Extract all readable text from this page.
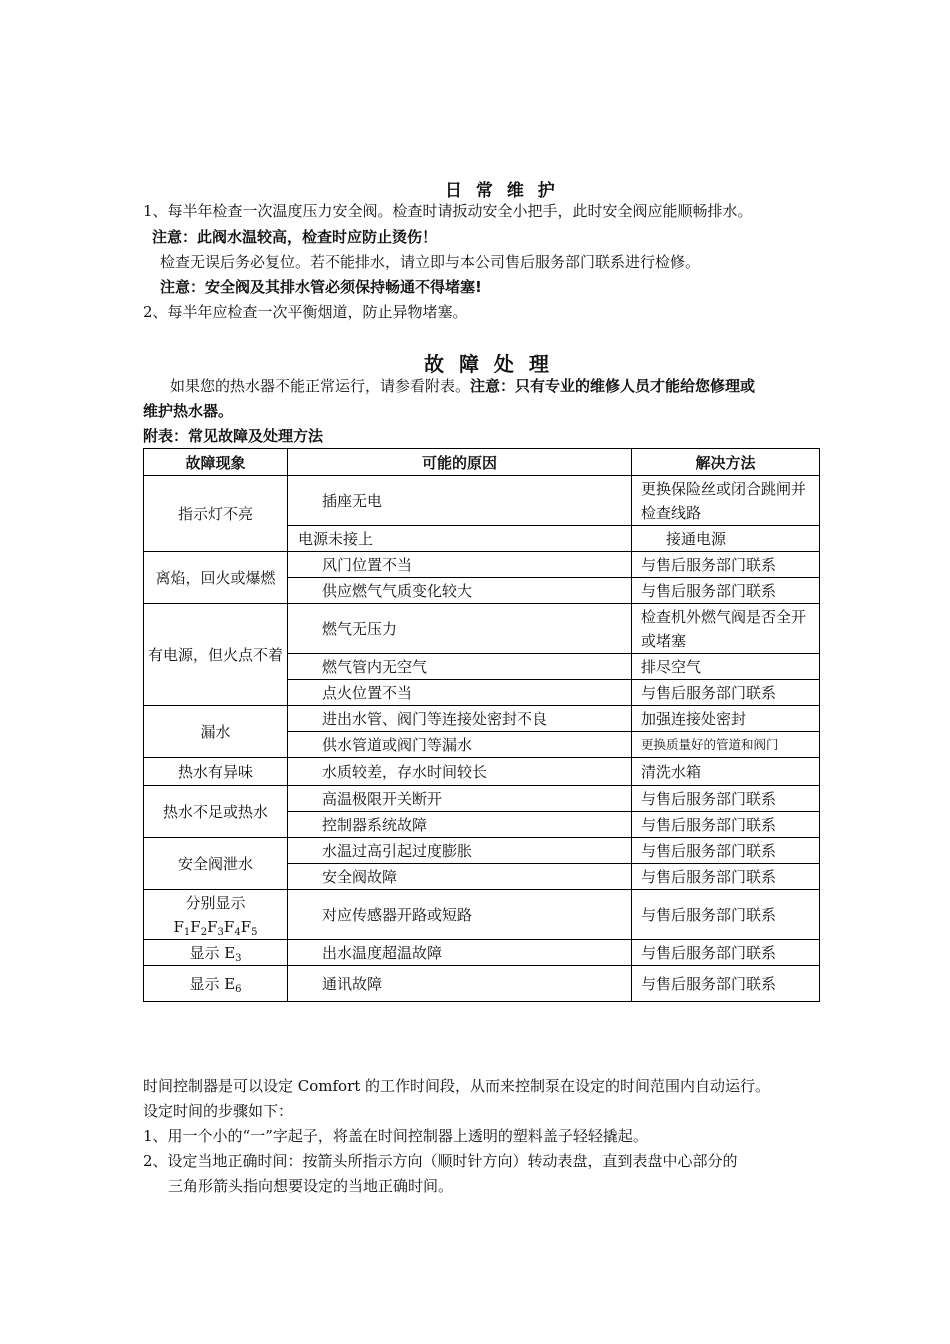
日 常 维 护
1、每半年检查一次温度压力安全阀。检查时请扳动安全小把手，此时安全阀应能顺畅排水。
注意：此阀水温较高，检查时应防止烫伤！
检查无误后务必复位。若不能排水，请立即与本公司售后服务部门联系进行检修。
注意：安全阀及其排水管必须保持畅通不得堵塞!
2、每半年应检查一次平衡烟道，防止异物堵塞。
故 障 处 理
如果您的热水器不能正常运行，请参看附表。注意：只有专业的维修人员才能给您修理或
维护热水器。
附表：常见故障及处理方法
故障现象	可能的原因	解决方法
指示灯不亮	插座无电	更换保险丝或闭合跳闸并检查线路
	电源未接上	接通电源
离焰，回火或爆燃	风门位置不当	与售后服务部门联系
	供应燃气气质变化较大	与售后服务部门联系
有电源，但火点不着	燃气无压力	检查机外燃气阀是否全开或堵塞
	燃气管内无空气	排尽空气
	点火位置不当	与售后服务部门联系
漏水	进出水管、阀门等连接处密封不良	加强连接处密封
	供水管道或阀门等漏水	更换质量好的管道和阀门
热水有异味	水质较差，存水时间较长	清洗水箱
热水不足或热水	高温极限开关断开	与售后服务部门联系
	控制器系统故障	与售后服务部门联系
安全阀泄水	水温过高引起过度膨胀	与售后服务部门联系
	安全阀故障	与售后服务部门联系

分别显示
$F_1F_2F_3F_4F_5$	对应传感器开路或短路	与售后服务部门联系
显示 $E_3$	出水温度超温故障	与售后服务部门联系
显示 $E_6$	通讯故障	与售后服务部门联系
时间控制器是可以设定 Comfort 的工作时间段，从而来控制泵在设定的时间范围内自动运行。
设定时间的步骤如下：
1、用一个小的“一”字起子，将盖在时间控制器上透明的塑料盖子轻轻撬起。
2、设定当地正确时间：按箭头所指示方向（顺时针方向）转动表盘，直到表盘中心部分的
三角形箭头指向想要设定的当地正确时间。
